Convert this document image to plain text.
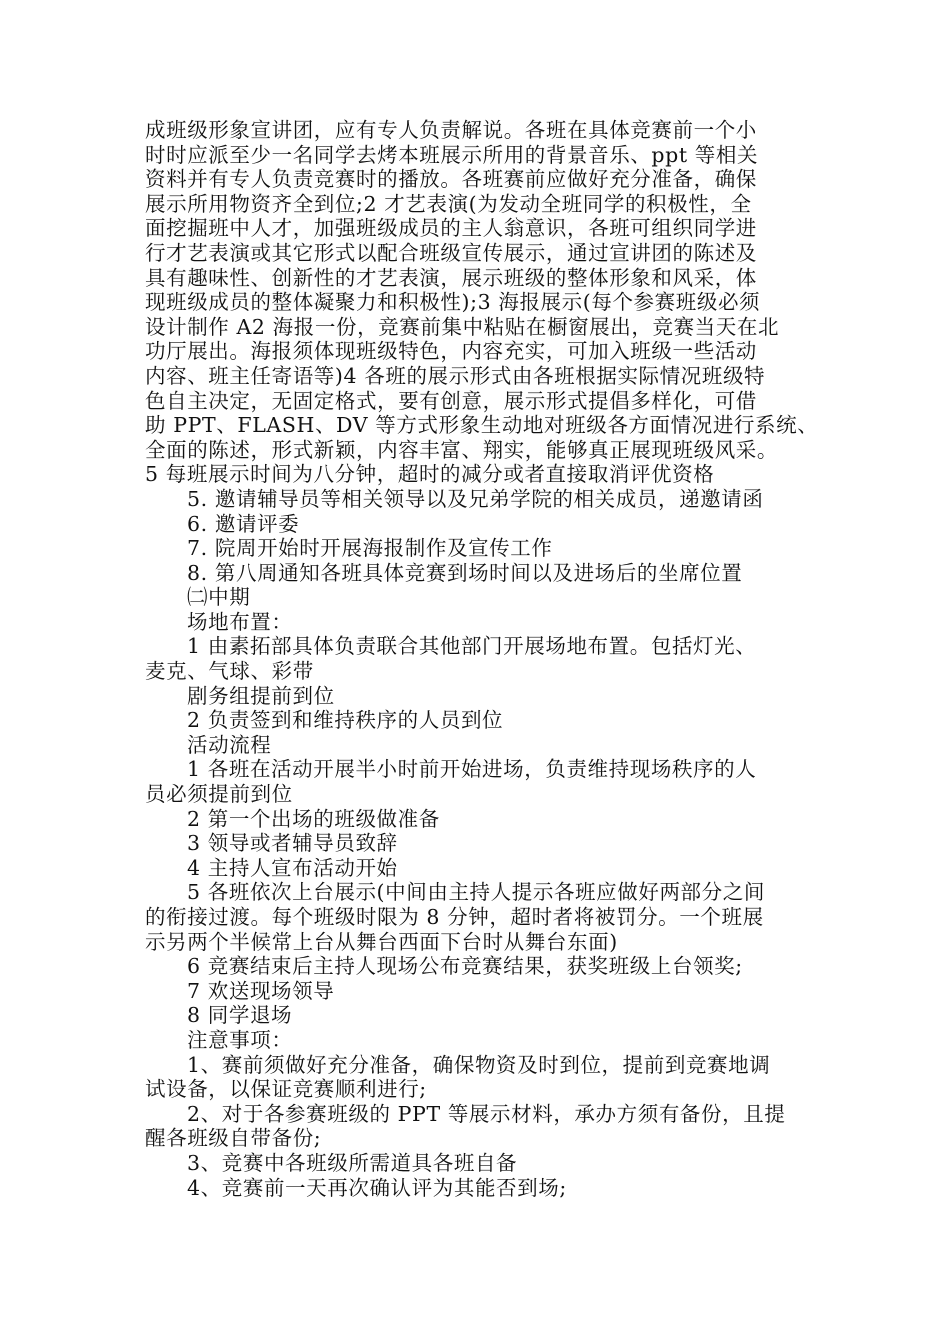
成班级形象宣讲团，应有专人负责解说。各班在具体竞赛前一个小
时时应派至少一名同学去烤本班展示所用的背景音乐、ppt 等相关
资料并有专人负责竞赛时的播放。各班赛前应做好充分准备，确保
展示所用物资齐全到位;2 才艺表演(为发动全班同学的积极性，全
面挖掘班中人才，加强班级成员的主人翁意识，各班可组织同学进
行才艺表演或其它形式以配合班级宣传展示，通过宣讲团的陈述及
具有趣味性、创新性的才艺表演，展示班级的整体形象和风采，体
现班级成员的整体凝聚力和积极性);3 海报展示(每个参赛班级必须
设计制作 A2 海报一份，竞赛前集中粘贴在橱窗展出，竞赛当天在北
功厅展出。海报须体现班级特色，内容充实，可加入班级一些活动
内容、班主任寄语等)4 各班的展示形式由各班根据实际情况班级特
色自主决定，无固定格式，要有创意，展示形式提倡多样化，可借
助 PPT、FLASH、DV 等方式形象生动地对班级各方面情况进行系统、
全面的陈述，形式新颖，内容丰富、翔实，能够真正展现班级风采。
5 每班展示时间为八分钟，超时的减分或者直接取消评优资格
5. 邀请辅导员等相关领导以及兄弟学院的相关成员，递邀请函
6. 邀请评委
7. 院周开始时开展海报制作及宣传工作
8. 第八周通知各班具体竞赛到场时间以及进场后的坐席位置
㈡中期
场地布置：
1 由素拓部具体负责联合其他部门开展场地布置。包括灯光、
麦克、气球、彩带
剧务组提前到位
2 负责签到和维持秩序的人员到位
活动流程
1 各班在活动开展半小时前开始进场，负责维持现场秩序的人
员必须提前到位
2 第一个出场的班级做准备
3 领导或者辅导员致辞
4 主持人宣布活动开始
5 各班依次上台展示(中间由主持人提示各班应做好两部分之间
的衔接过渡。每个班级时限为 8 分钟，超时者将被罚分。一个班展
示另两个半候常上台从舞台西面下台时从舞台东面)
6 竞赛结束后主持人现场公布竞赛结果，获奖班级上台领奖;
7 欢送现场领导
8 同学退场
注意事项：
1、赛前须做好充分准备，确保物资及时到位，提前到竞赛地调
试设备，以保证竞赛顺利进行;
2、对于各参赛班级的 PPT 等展示材料，承办方须有备份，且提
醒各班级自带备份;
3、竞赛中各班级所需道具各班自备
4、竞赛前一天再次确认评为其能否到场;
